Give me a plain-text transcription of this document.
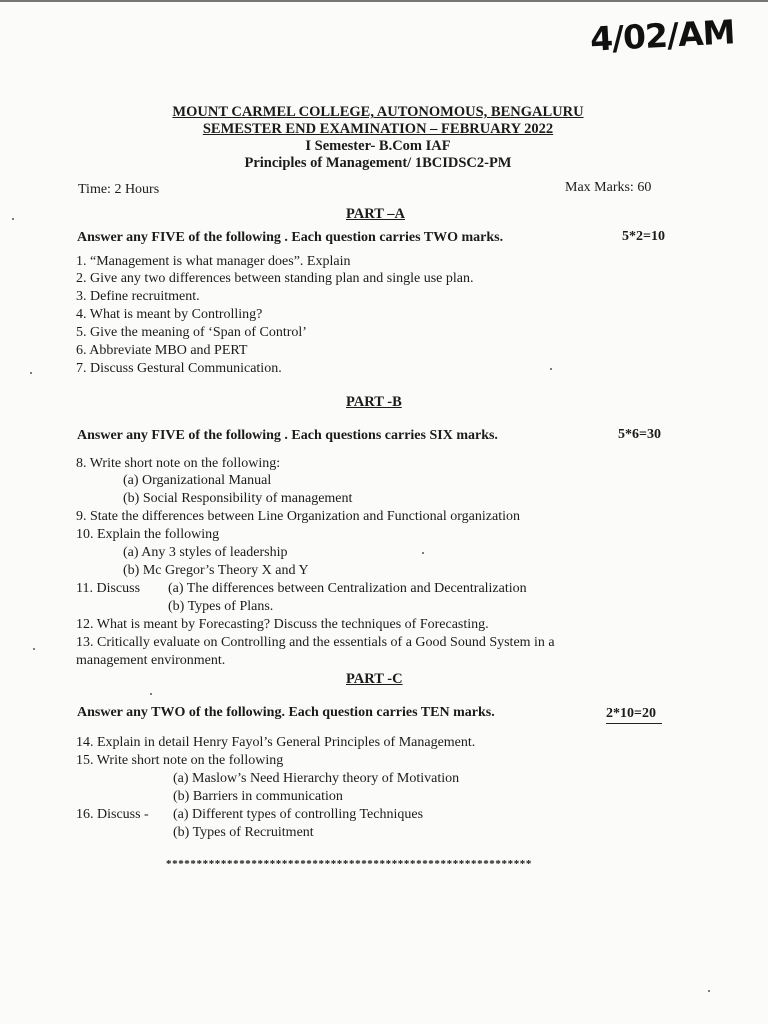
4/02/AM
MOUNT CARMEL COLLEGE, AUTONOMOUS, BENGALURU
SEMESTER END EXAMINATION – FEBRUARY 2022
I Semester- B.Com IAF
Principles of Management/ 1BCIDSC2-PM
Time: 2 Hours	Max Marks: 60
PART –A
Answer any FIVE of the following . Each question carries TWO marks.	5*2=10
1. “Management is what manager does”. Explain
2. Give any two differences between standing plan and single use plan.
3. Define recruitment.
4. What is meant by Controlling?
5. Give the meaning of ‘Span of Control’
6. Abbreviate MBO and PERT
7. Discuss Gestural Communication.
PART -B
Answer any FIVE of the following . Each questions carries SIX marks.	5*6=30
8. Write short note on the following:
(a) Organizational Manual
(b) Social Responsibility of management
9. State the differences between Line Organization and Functional organization
10. Explain the following
(a) Any 3 styles of leadership
(b) Mc Gregor’s Theory X and Y
11. Discuss (a) The differences between Centralization and Decentralization
(b) Types of Plans.
12. What is meant by Forecasting? Discuss the techniques of Forecasting.
13. Critically evaluate on Controlling and the essentials of a Good Sound System in a
management environment.
PART -C
Answer any TWO of the following. Each question carries TEN marks.	2*10=20
14. Explain in detail Henry Fayol’s General Principles of Management.
15. Write short note on the following
(a) Maslow’s Need Hierarchy theory of Motivation
(b) Barriers in communication
16. Discuss - (a) Different types of controlling Techniques
(b) Types of Recruitment
************************************************************
